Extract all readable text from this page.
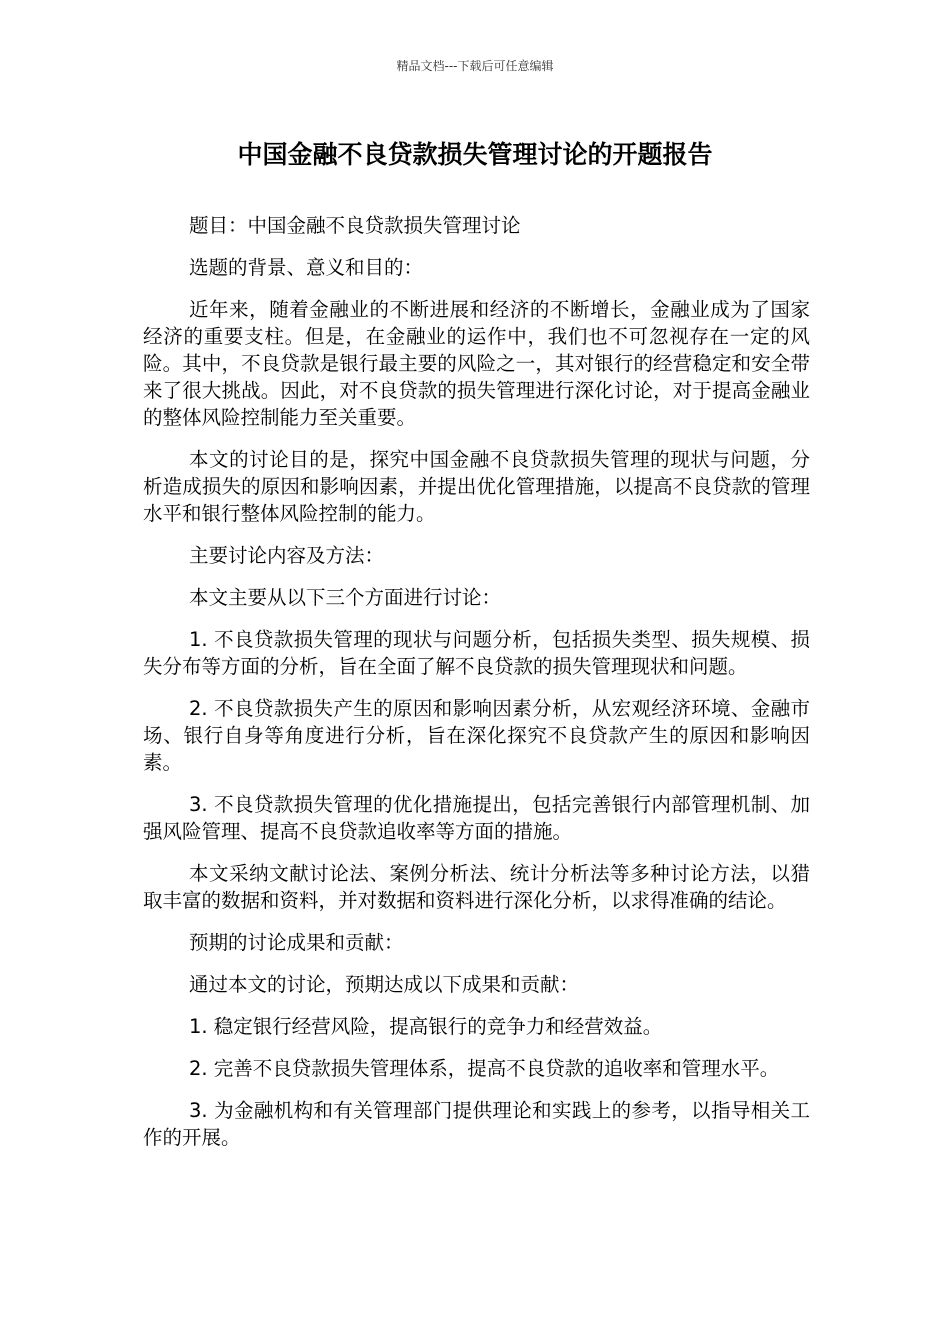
精品文档---下载后可任意编辑
中国金融不良贷款损失管理讨论的开题报告

题目：中国金融不良贷款损失管理讨论

选题的背景、意义和目的：

近年来，随着金融业的不断进展和经济的不断增长，金融业成为了国家经济的重要支柱。但是，在金融业的运作中，我们也不可忽视存在一定的风险。其中，不良贷款是银行最主要的风险之一，其对银行的经营稳定和安全带来了很大挑战。因此，对不良贷款的损失管理进行深化讨论，对于提高金融业的整体风险控制能力至关重要。

本文的讨论目的是，探究中国金融不良贷款损失管理的现状与问题，分析造成损失的原因和影响因素，并提出优化管理措施，以提高不良贷款的管理水平和银行整体风险控制的能力。

主要讨论内容及方法：

本文主要从以下三个方面进行讨论：

1. 不良贷款损失管理的现状与问题分析，包括损失类型、损失规模、损失分布等方面的分析，旨在全面了解不良贷款的损失管理现状和问题。

2. 不良贷款损失产生的原因和影响因素分析，从宏观经济环境、金融市场、银行自身等角度进行分析，旨在深化探究不良贷款产生的原因和影响因素。

3. 不良贷款损失管理的优化措施提出，包括完善银行内部管理机制、加强风险管理、提高不良贷款追收率等方面的措施。

本文采纳文献讨论法、案例分析法、统计分析法等多种讨论方法，以猎取丰富的数据和资料，并对数据和资料进行深化分析，以求得准确的结论。

预期的讨论成果和贡献：

通过本文的讨论，预期达成以下成果和贡献：

1. 稳定银行经营风险，提高银行的竞争力和经营效益。

2. 完善不良贷款损失管理体系，提高不良贷款的追收率和管理水平。

3. 为金融机构和有关管理部门提供理论和实践上的参考，以指导相关工作的开展。
